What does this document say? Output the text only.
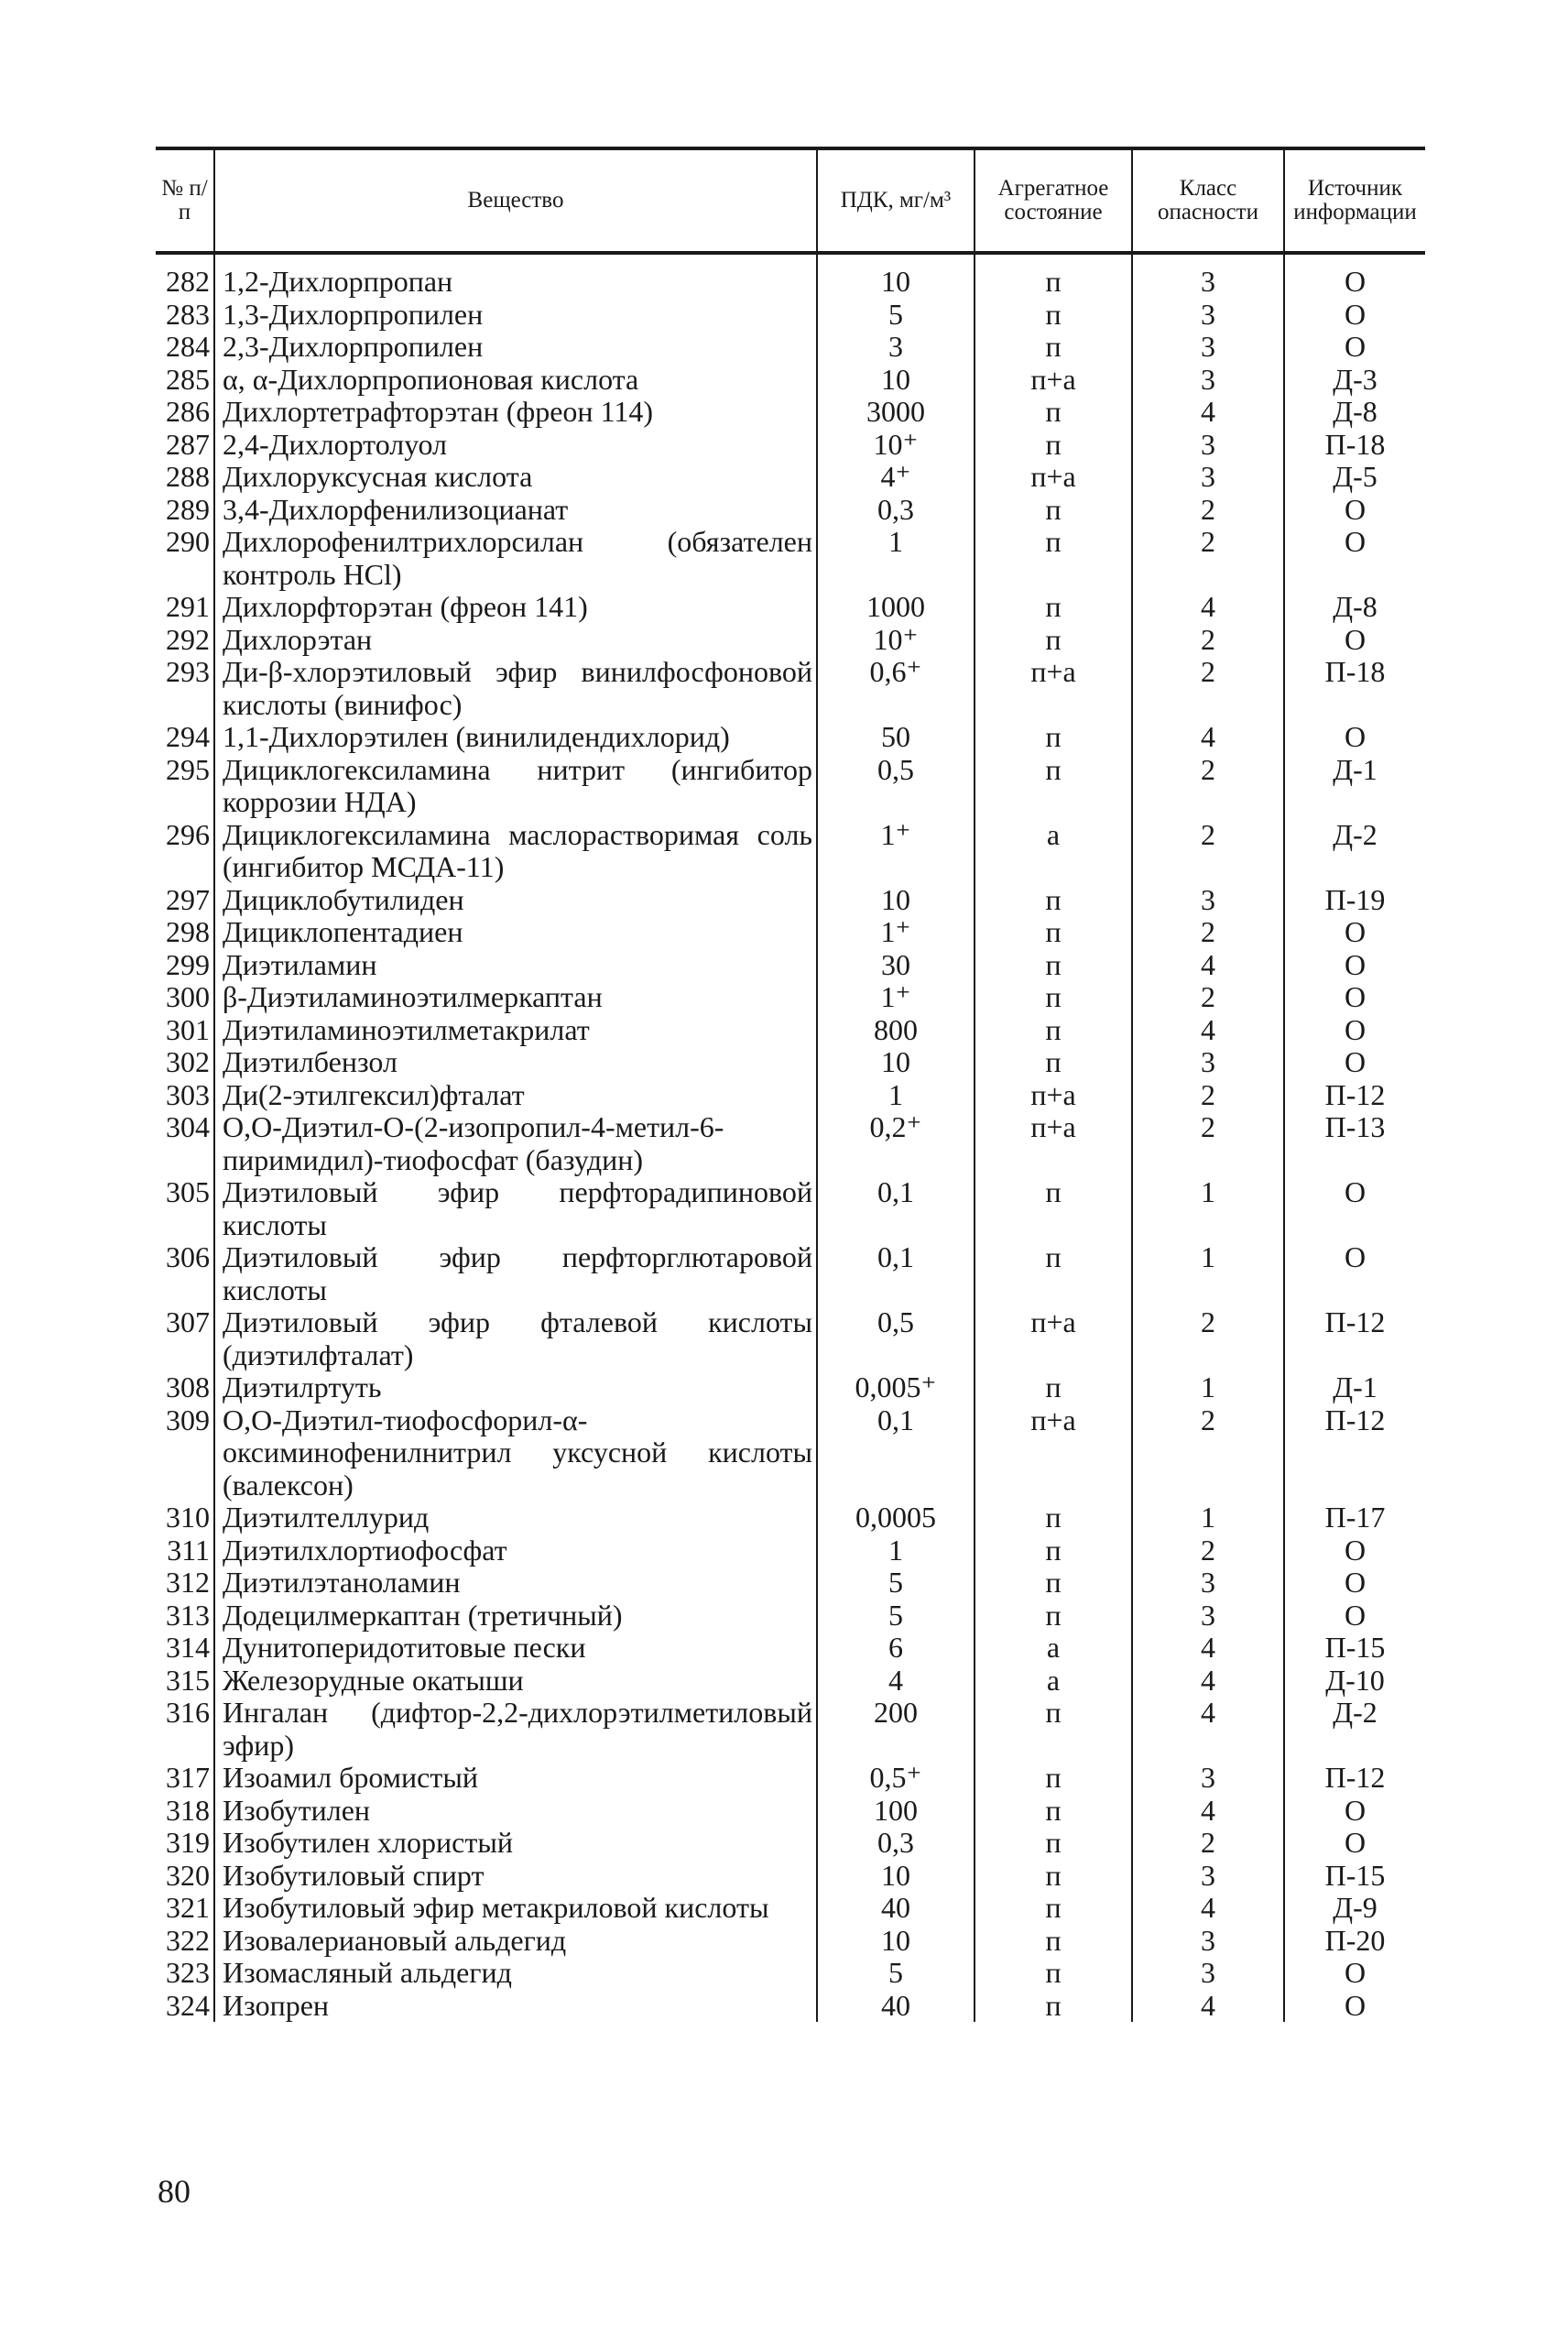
№ п/п	Вещество	ПДК, мг/м³	Агрегатное состояние	Класс опасности	Источник информации

282	1,2-Дихлорпропан	10	п	3	О
283	1,3-Дихлорпропилен	5	п	3	О
284	2,3-Дихлорпропилен	3	п	3	О
285	α, α-Дихлорпропионовая кислота	10	п+а	3	Д-3
286	Дихлортетрафторэтан (фреон 114)	3000	п	4	Д-8
287	2,4-Дихлортолуол	10⁺	п	3	П-18
288	Дихлоруксусная кислота	4⁺	п+а	3	Д-5
289	3,4-Дихлорфенилизоцианат	0,3	п	2	О
290	Дихлорофенилтрихлорсилан (обязателен контроль HCl)	1	п	2	О
291	Дихлорфторэтан (фреон 141)	1000	п	4	Д-8
292	Дихлорэтан	10⁺	п	2	О
293	Ди-β-хлорэтиловый эфир винилфосфоновой кислоты (винифос)	0,6⁺	п+а	2	П-18
294	1,1-Дихлорэтилен (винилидендихлорид)	50	п	4	О
295	Дициклогексиламина нитрит (ингибитор коррозии НДА)	0,5	п	2	Д-1
296	Дициклогексиламина маслорастворимая соль (ингибитор МСДА-11)	1⁺	а	2	Д-2
297	Дициклобутилиден	10	п	3	П-19
298	Дициклопентадиен	1⁺	п	2	О
299	Диэтиламин	30	п	4	О
300	β-Диэтиламиноэтилмеркаптан	1⁺	п	2	О
301	Диэтиламиноэтилметакрилат	800	п	4	О
302	Диэтилбензол	10	п	3	О
303	Ди(2-этилгексил)фталат	1	п+а	2	П-12
304	О,О-Диэтил-О-(2-изопропил-4-метил-6-пиримидил)-тиофосфат (базудин)	0,2⁺	п+а	2	П-13
305	Диэтиловый эфир перфторадипиновой кислоты	0,1	п	1	О
306	Диэтиловый эфир перфторглютаровой кислоты	0,1	п	1	О
307	Диэтиловый эфир фталевой кислоты (диэтилфталат)	0,5	п+а	2	П-12
308	Диэтилртуть	0,005⁺	п	1	Д-1
309	О,О-Диэтил-тиофосфорил-α-оксиминофенилнитрил уксусной кислоты (валексон)	0,1	п+а	2	П-12
310	Диэтилтеллурид	0,0005	п	1	П-17
311	Диэтилхлортиофосфат	1	п	2	О
312	Диэтилэтаноламин	5	п	3	О
313	Додецилмеркаптан (третичный)	5	п	3	О
314	Дунитоперидотитовые пески	6	а	4	П-15
315	Железорудные окатыши	4	а	4	Д-10
316	Ингалан (дифтор-2,2-дихлорэтилметиловый эфир)	200	п	4	Д-2
317	Изоамил бромистый	0,5⁺	п	3	П-12
318	Изобутилен	100	п	4	О
319	Изобутилен хлористый	0,3	п	2	О
320	Изобутиловый спирт	10	п	3	П-15
321	Изобутиловый эфир метакриловой кислоты	40	п	4	Д-9
322	Изовалериановый альдегид	10	п	3	П-20
323	Изомасляный альдегид	5	п	3	О
324	Изопрен	40	п	4	О
80
